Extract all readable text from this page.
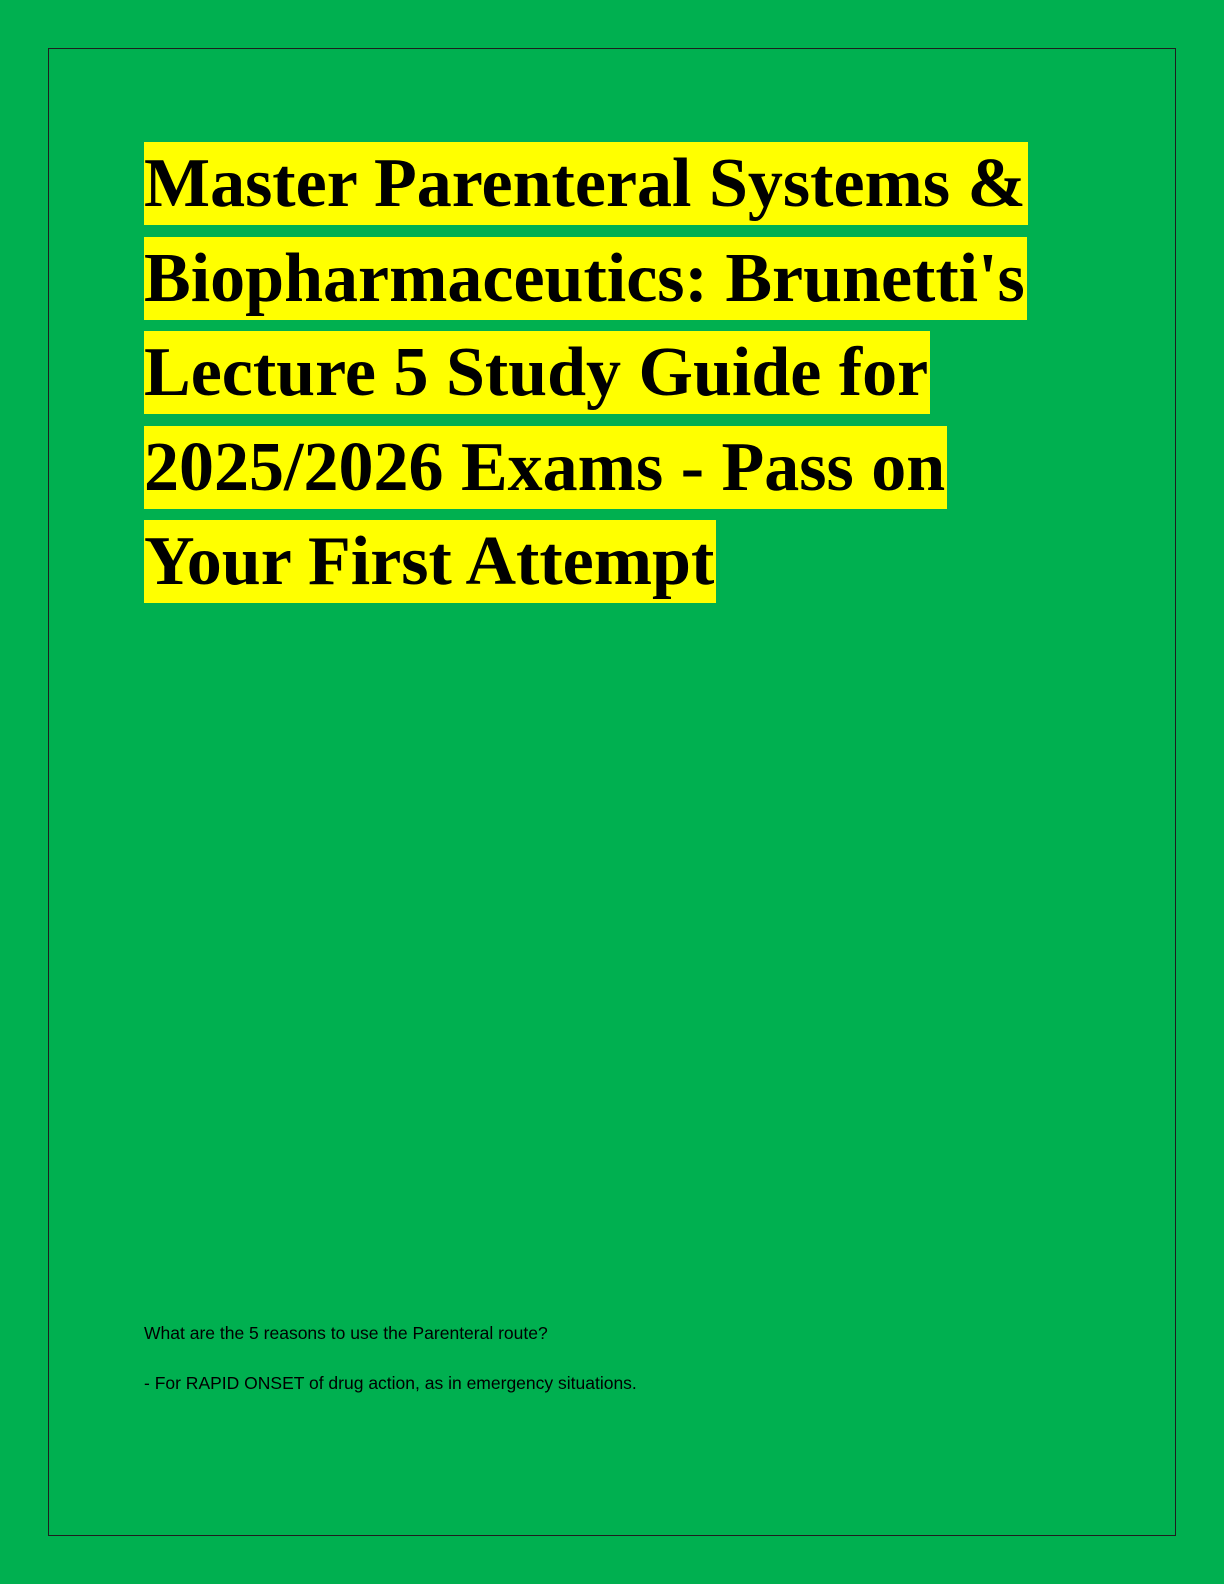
Master Parenteral Systems &
Biopharmaceutics: Brunetti's
Lecture 5 Study Guide for
2025/2026 Exams - Pass on
Your First Attempt
What are the 5 reasons to use the Parenteral route?
- For RAPID ONSET of drug action, as in emergency situations.
